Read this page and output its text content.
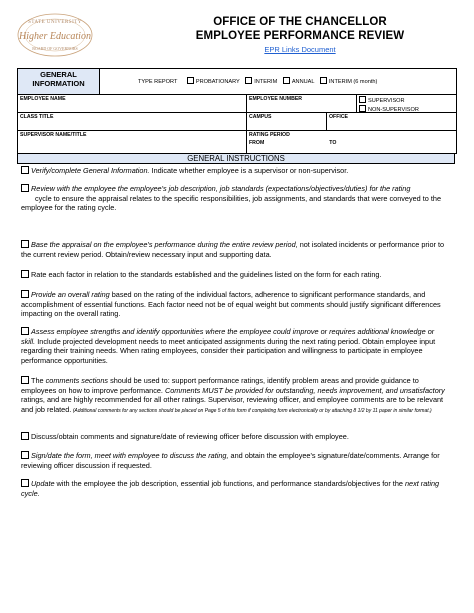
STATE UNIVERSITY
Higher Education
BOARD OF GOVERNORS
OFFICE OF THE CHANCELLOR
EMPLOYEE PERFORMANCE REVIEW
EPR Links Document
GENERAL INFORMATION	TYPE REPORT	PROBATIONARY	INTERIM	ANNUAL	INTERIM (6 month)
EMPLOYEE NAME	EMPLOYEE NUMBER	SUPERVISOR
NON-SUPERVISOR
CLASS TITLE	CAMPUS	OFFICE
SUPERVISOR NAME/TITLE	RATING PERIOD
FROM	TO
GENERAL INSTRUCTIONS
Verify/complete General Information. Indicate whether employee is a supervisor or non-supervisor.
Review with the employee the employee's job description, job standards (expectations/objectives/duties) for the rating
cycle to ensure the appraisal relates to the specific responsibilities, job assignments, and standards that were conveyed to the employee for the rating cycle.
Base the appraisal on the employee's performance during the entire review period, not isolated incidents or performance prior to the current review period. Obtain/review necessary input and supporting data.
Rate each factor in relation to the standards established and the guidelines listed on the form for each rating.
Provide an overall rating based on the rating of the individual factors, adherence to significant performance standards, and accomplishment of essential functions. Each factor need not be of equal weight but comments should justify significant differences impacting on the overall rating.
Assess employee strengths and identify opportunities where the employee could improve or requires additional knowledge or skill. Include projected development needs to meet anticipated assignments during the next rating period. Obtain employee input regarding their training needs. When rating employees, consider their participation and willingness to participate in employee performance opportunities.
The comments sections should be used to: support performance ratings, identify problem areas and provide guidance to employees on how to improve performance. Comments MUST be provided for outstanding, needs improvement, and unsatisfactory ratings, and are highly recommended for all other ratings. Supervisor, reviewing officer, and employee comments are to be relevant and job related. (Additional comments for any sections should be placed on Page 5 of this form if completing form electronically or by attaching 8 1/2 by 11 paper in similar format.)
Discuss/obtain comments and signature/date of reviewing officer before discussion with employee.
Sign/date the form, meet with employee to discuss the rating, and obtain the employee's signature/date/comments. Arrange for reviewing officer discussion if requested.
Update with the employee the job description, essential job functions, and performance standards/objectives for the next rating cycle.
